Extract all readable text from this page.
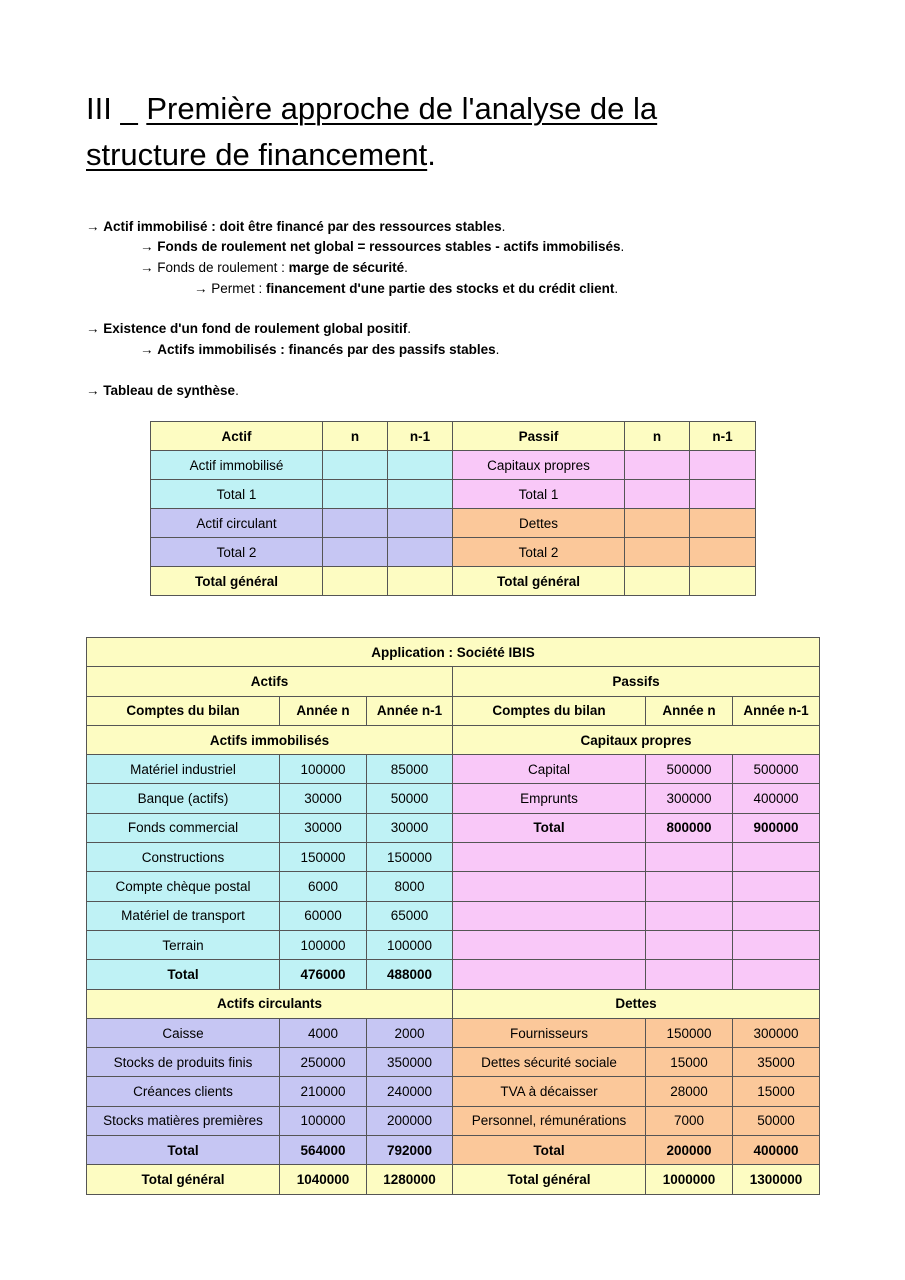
III _ Première approche de l'analyse de la
structure de financement.
→ Actif immobilisé : doit être financé par des ressources stables.
→ Fonds de roulement net global = ressources stables - actifs immobilisés.
→ Fonds de roulement : marge de sécurité.
→ Permet : financement d'une partie des stocks et du crédit client.
→ Existence d'un fond de roulement global positif.
→ Actifs immobilisés : financés par des passifs stables.
→ Tableau de synthèse.
Actif	n	n-1	Passif	n	n-1
Actif immobilisé			Capitaux propres		
Total 1			Total 1		
Actif circulant			Dettes		
Total 2			Total 2		
Total général			Total général		
Application : Société IBIS					
Actifs			Passifs		
Comptes du bilan	Année n	Année n-1	Comptes du bilan	Année n	Année n-1
Actifs immobilisés			Capitaux propres		
Matériel industriel	100000	85000	Capital	500000	500000
Banque (actifs)	30000	50000	Emprunts	300000	400000
Fonds commercial	30000	30000	Total	800000	900000
Constructions	150000	150000			
Compte chèque postal	6000	8000			
Matériel de transport	60000	65000			
Terrain	100000	100000			
Total	476000	488000			
Actifs circulants			Dettes		
Caisse	4000	2000	Fournisseurs	150000	300000
Stocks de produits finis	250000	350000	Dettes sécurité sociale	15000	35000
Créances clients	210000	240000	TVA à décaisser	28000	15000
Stocks matières premières	100000	200000	Personnel, rémunérations	7000	50000
Total	564000	792000	Total	200000	400000
Total général	1040000	1280000	Total général	1000000	1300000
